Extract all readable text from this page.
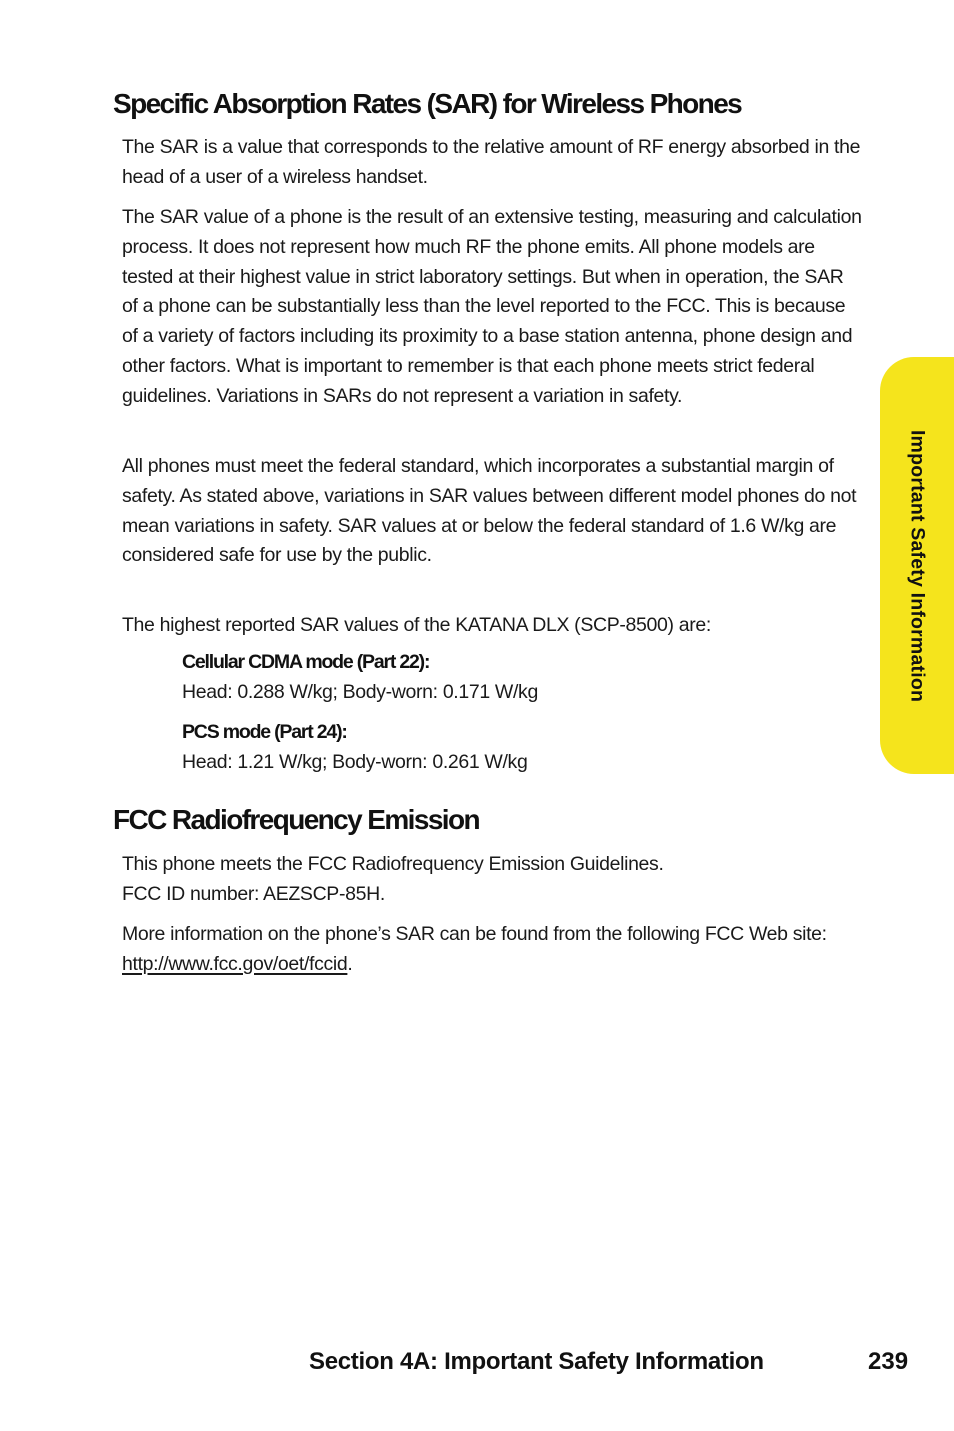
Specific Absorption Rates (SAR) for Wireless Phones

The SAR is a value that corresponds to the relative amount of RF energy absorbed in the head of a user of a wireless handset.

The SAR value of a phone is the result of an extensive testing, measuring and calculation process. It does not represent how much RF the phone emits. All phone models are tested at their highest value in strict laboratory settings. But when in operation, the SAR of a phone can be substantially less than the level reported to the FCC. This is because of a variety of factors including its proximity to a base station antenna, phone design and other factors. What is important to remember is that each phone meets strict federal guidelines. Variations in SARs do not represent a variation in safety.

All phones must meet the federal standard, which incorporates a substantial margin of safety. As stated above, variations in SAR values between different model phones do not mean variations in safety. SAR values at or below the federal standard of 1.6 W/kg are considered safe for use by the public.

The highest reported SAR values of the KATANA DLX (SCP-8500) are:

Cellular CDMA mode (Part 22):

Head: 0.288 W/kg; Body-worn: 0.171 W/kg

PCS mode (Part 24):

Head: 1.21 W/kg; Body-worn: 0.261 W/kg

FCC Radiofrequency Emission

This phone meets the FCC Radiofrequency Emission Guidelines.
FCC ID number: AEZSCP-85H.

More information on the phone’s SAR can be found from the following FCC Web site: http://www.fcc.gov/oet/fccid.

Important Safety Information
Section 4A: Important Safety Information	239
